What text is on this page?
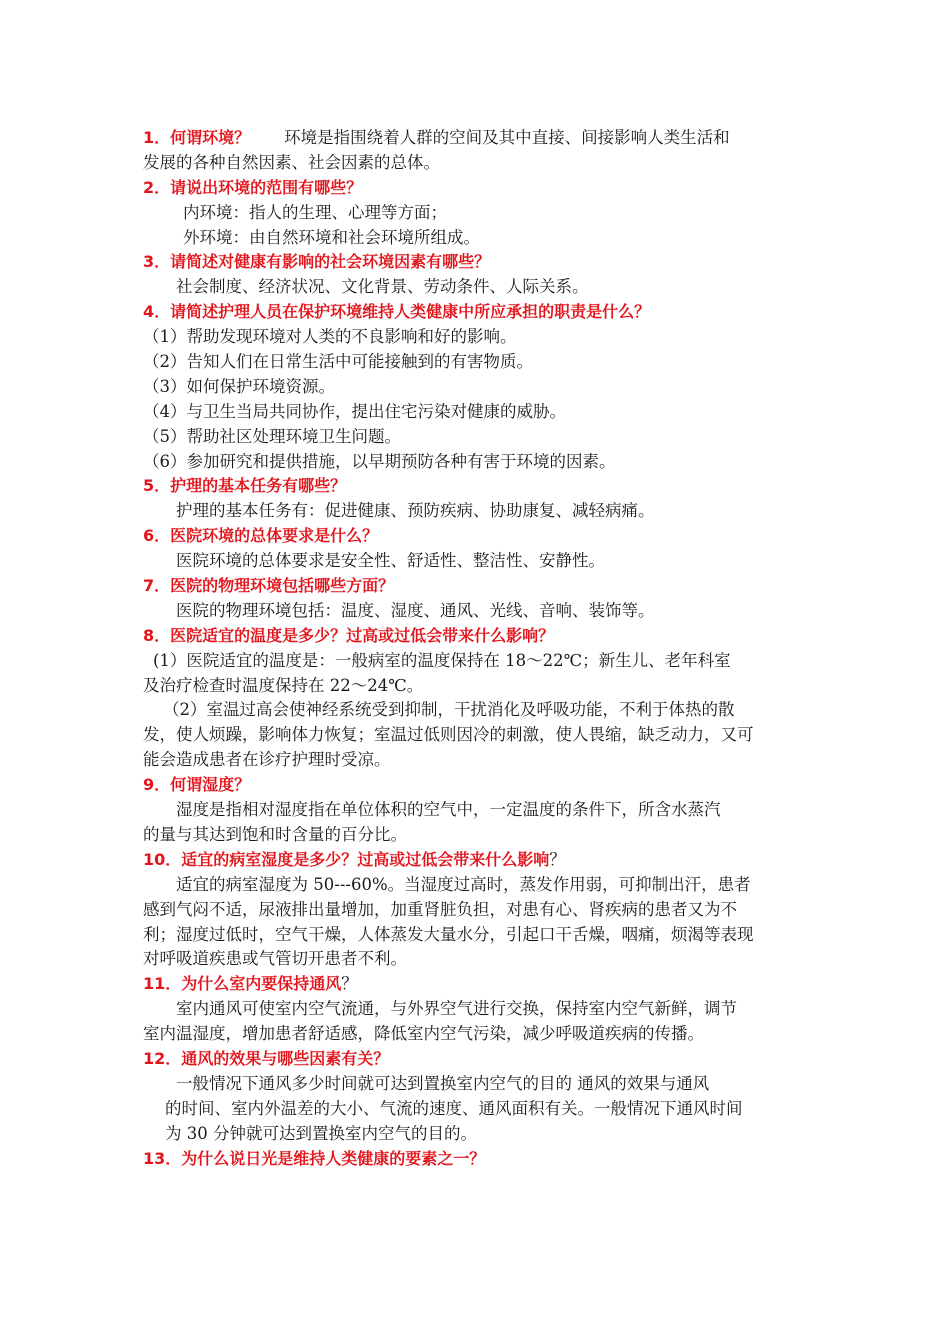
1．何谓环境？ 环境是指围绕着人群的空间及其中直接、间接影响人类生活和
发展的各种自然因素、社会因素的总体。
2．请说出环境的范围有哪些？
内环境：指人的生理、心理等方面；
外环境：由自然环境和社会环境所组成。
3．请简述对健康有影响的社会环境因素有哪些？
社会制度、经济状况、文化背景、劳动条件、人际关系。
4．请简述护理人员在保护环境维持人类健康中所应承担的职责是什么？
（1）帮助发现环境对人类的不良影响和好的影响。
（2）告知人们在日常生活中可能接触到的有害物质。
（3）如何保护环境资源。
（4）与卫生当局共同协作，提出住宅污染对健康的威胁。
（5）帮助社区处理环境卫生问题。
（6）参加研究和提供措施，以早期预防各种有害于环境的因素。
5．护理的基本任务有哪些？
护理的基本任务有：促进健康、预防疾病、协助康复、减轻病痛。
6．医院环境的总体要求是什么？
医院环境的总体要求是安全性、舒适性、整洁性、安静性。
7．医院的物理环境包括哪些方面？
医院的物理环境包括：温度、湿度、通风、光线、音响、装饰等。
8．医院适宜的温度是多少？过高或过低会带来什么影响？
(1）医院适宜的温度是：一般病室的温度保持在 18～22℃；新生儿、老年科室
及治疗检查时温度保持在 22～24℃。
（2）室温过高会使神经系统受到抑制，干扰消化及呼吸功能，不利于体热的散
发，使人烦躁，影响体力恢复；室温过低则因冷的刺激，使人畏缩，缺乏动力，又可
能会造成患者在诊疗护理时受凉。
9．何谓湿度？
湿度是指相对湿度指在单位体积的空气中，一定温度的条件下，所含水蒸汽
的量与其达到饱和时含量的百分比。
10．适宜的病室湿度是多少？过高或过低会带来什么影响？
适宜的病室湿度为 50---60%。当湿度过高时，蒸发作用弱，可抑制出汗，患者
感到气闷不适，尿液排出量增加，加重肾脏负担，对患有心、肾疾病的患者又为不
利；湿度过低时，空气干燥，人体蒸发大量水分，引起口干舌燥，咽痛，烦渴等表现
对呼吸道疾患或气管切开患者不利。
11．为什么室内要保持通风？
室内通风可使室内空气流通，与外界空气进行交换，保持室内空气新鲜，调节
室内温湿度，增加患者舒适感，降低室内空气污染，减少呼吸道疾病的传播。
12．通风的效果与哪些因素有关？
一般情况下通风多少时间就可达到置换室内空气的目的 通风的效果与通风
的时间、室内外温差的大小、气流的速度、通风面积有关。一般情况下通风时间
为 30 分钟就可达到置换室内空气的目的。
13．为什么说日光是维持人类健康的要素之一？
